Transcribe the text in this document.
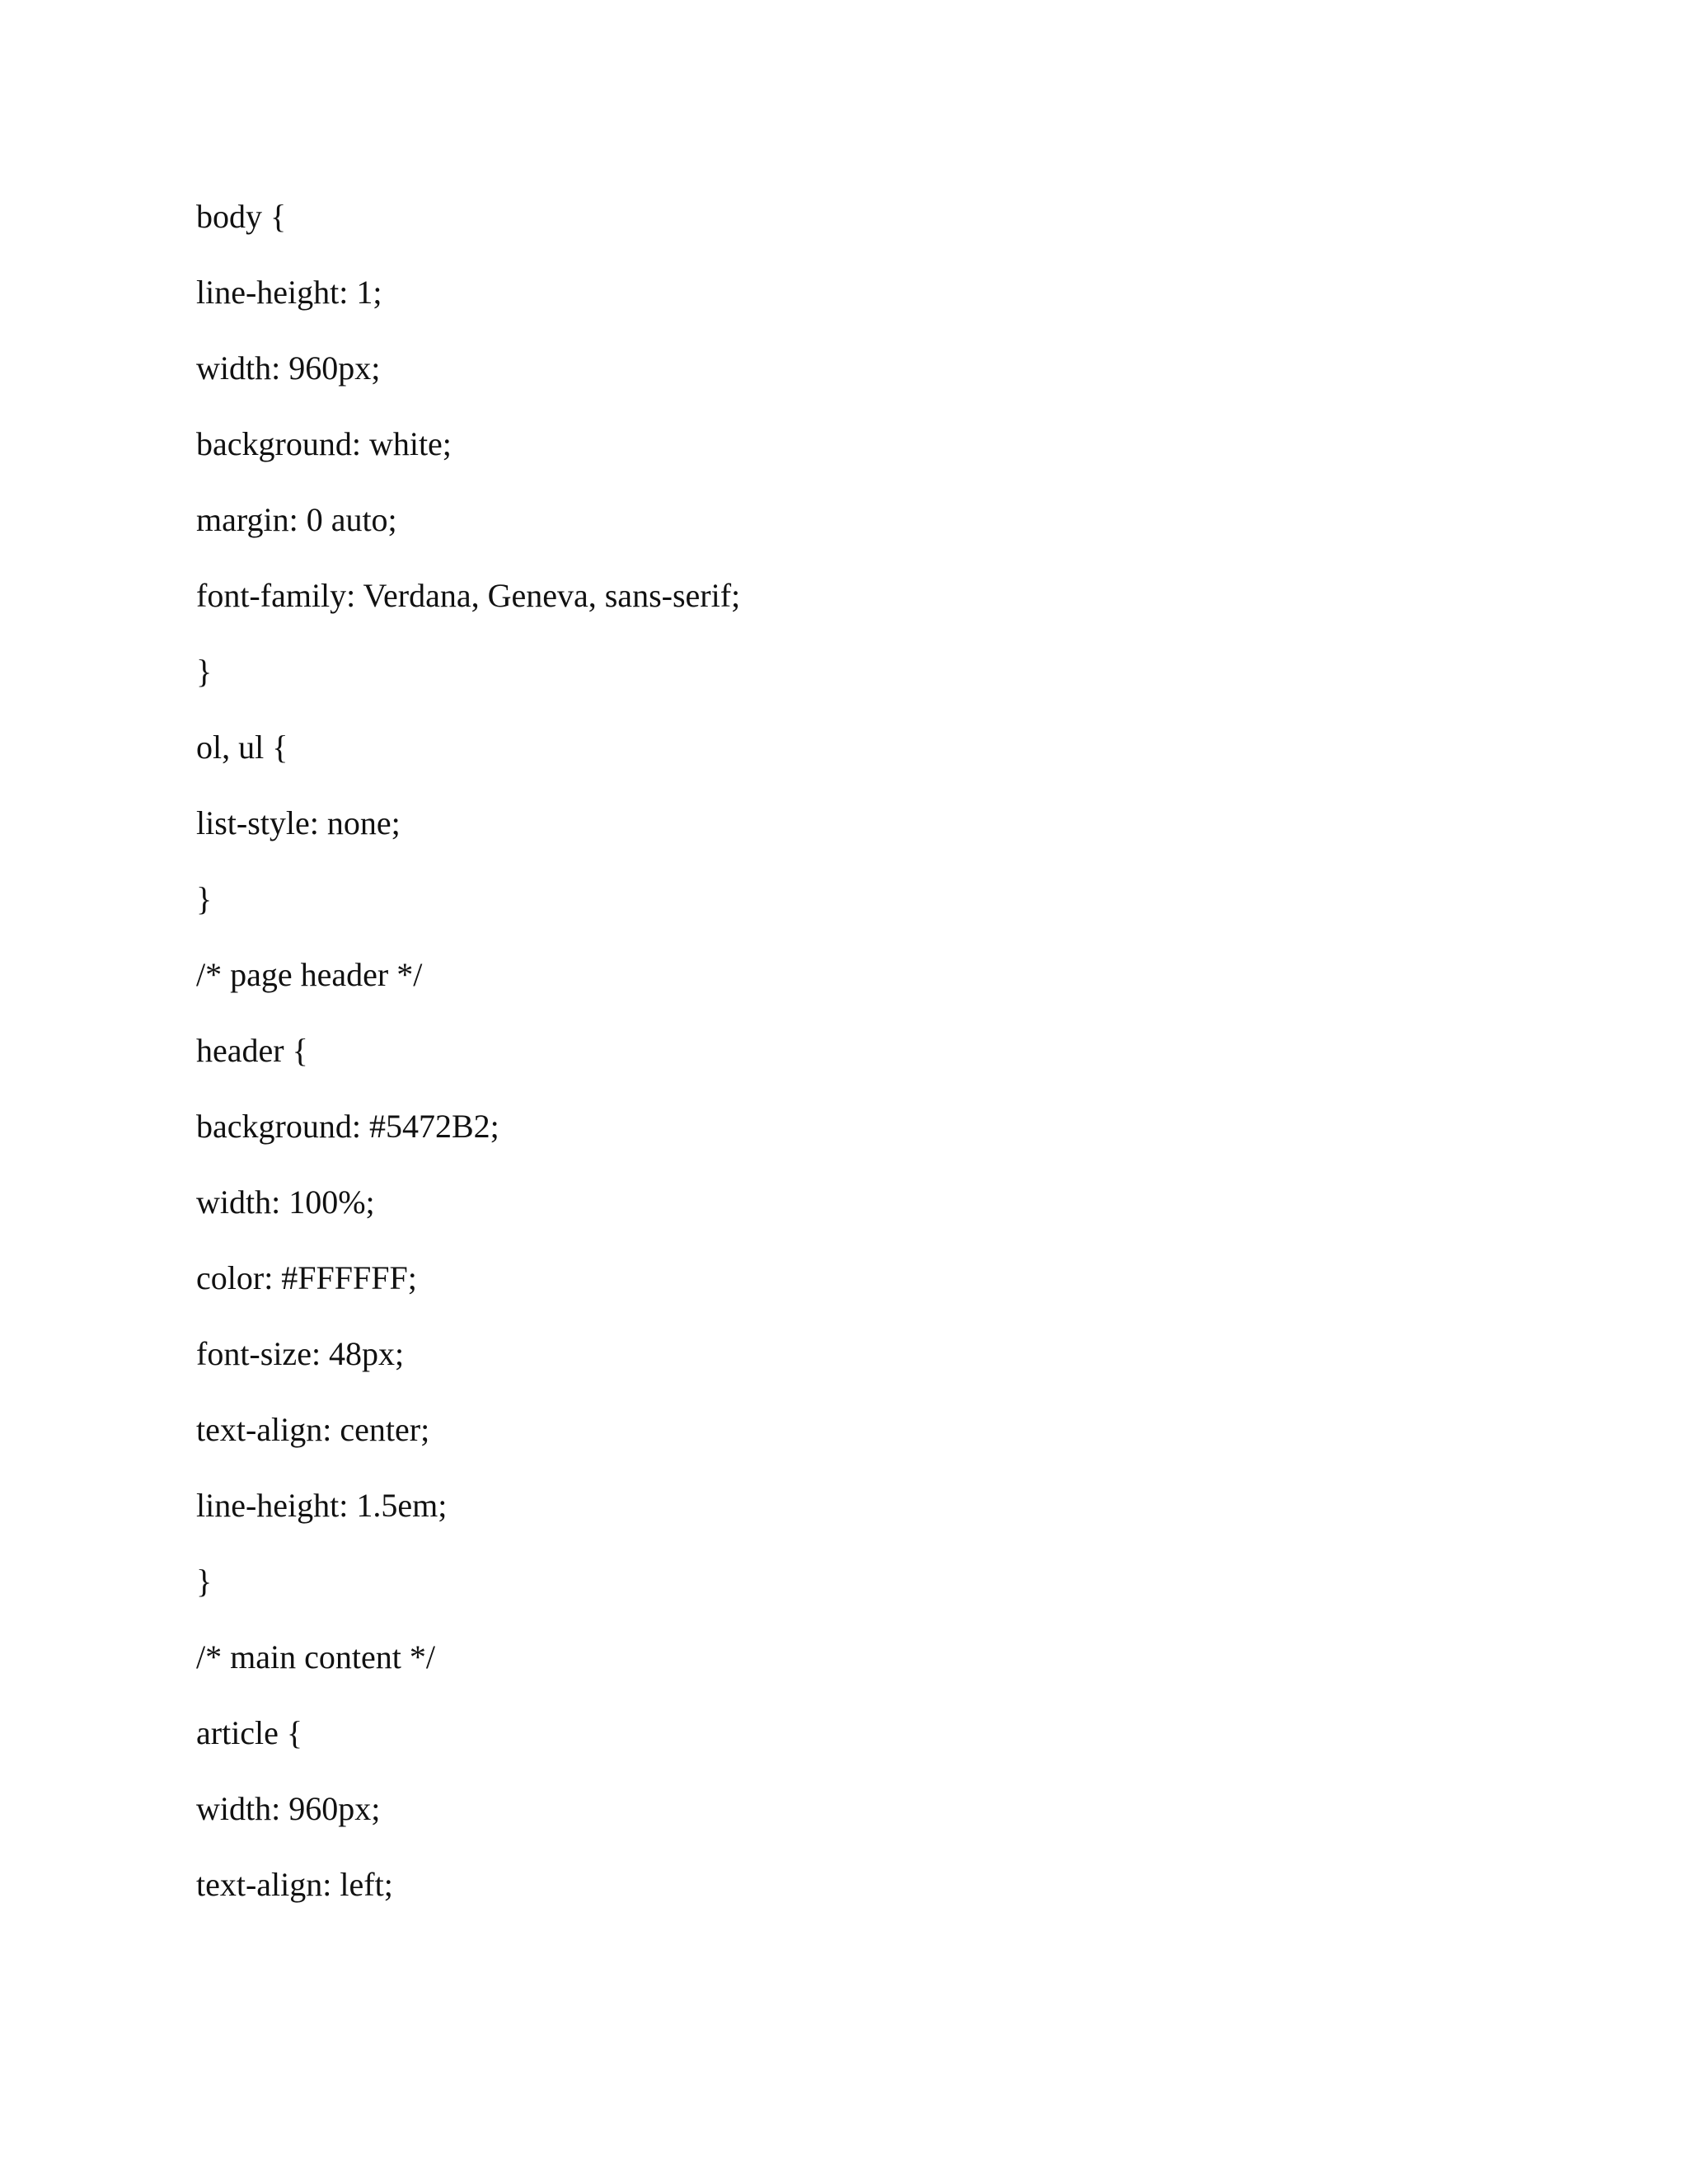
body {
line-height: 1;
width: 960px;
background: white;
margin: 0 auto;
font-family: Verdana, Geneva, sans-serif;
}
ol, ul {
list-style: none;
}
/* page header */
header {
background: #5472B2;
width: 100%;
color: #FFFFFF;
font-size: 48px;
text-align: center;
line-height: 1.5em;
}
/* main content */
article {
width: 960px;
text-align: left;
